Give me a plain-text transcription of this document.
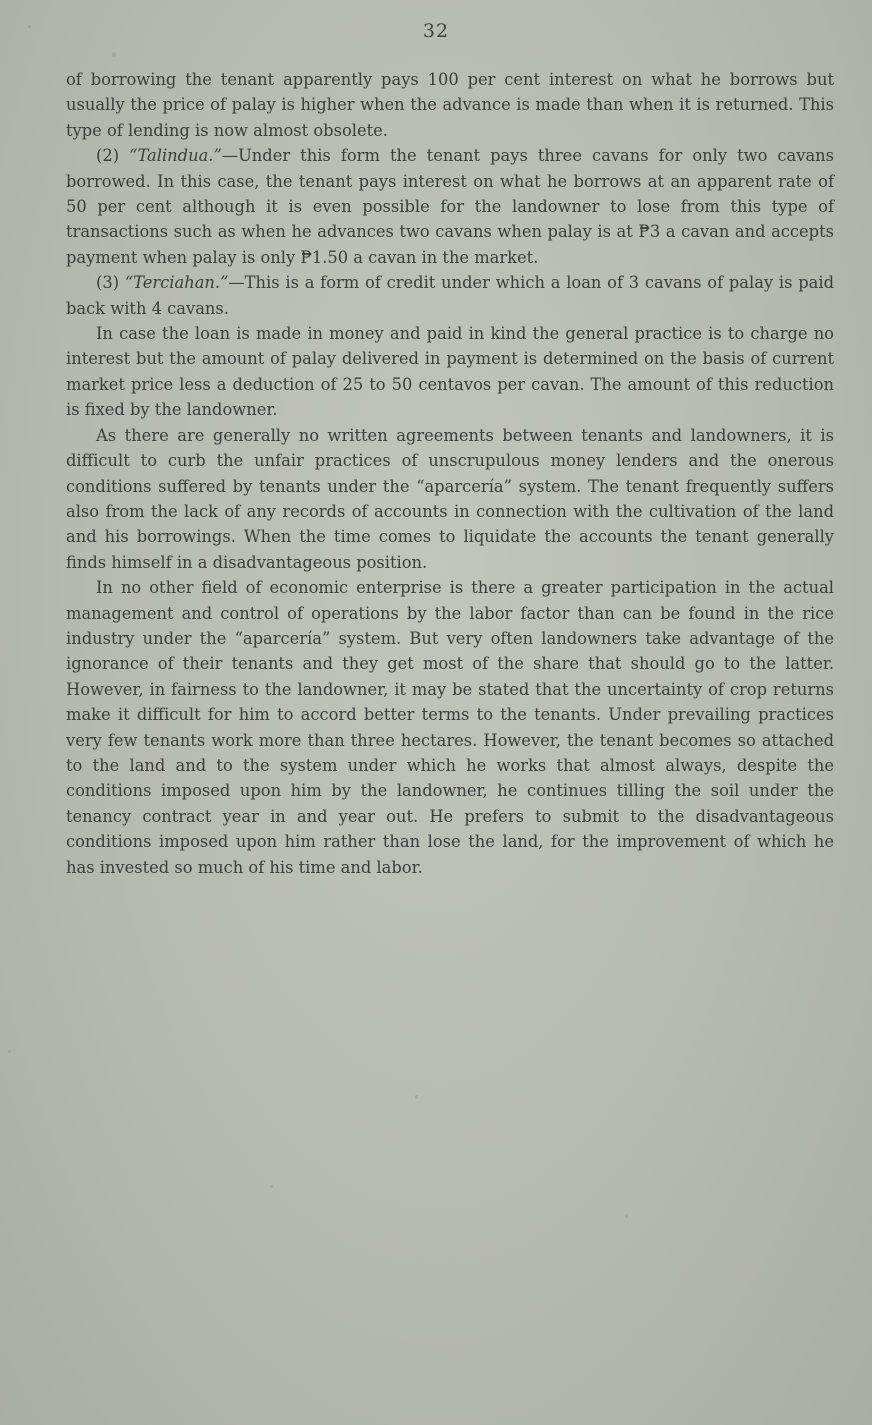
32

of borrowing the tenant apparently pays 100 per cent interest on what he borrows but usually the price of palay is higher when the advance is made than when it is returned. This type of lending is now almost obsolete.

(2) “Talindua.”—Under this form the tenant pays three cavans for only two cavans borrowed. In this case, the tenant pays interest on what he borrows at an apparent rate of 50 per cent although it is even possible for the landowner to lose from this type of transactions such as when he advances two cavans when palay is at ₱3 a cavan and accepts payment when palay is only ₱1.50 a cavan in the market.

(3) “Terciahan.”—This is a form of credit under which a loan of 3 cavans of palay is paid back with 4 cavans.

In case the loan is made in money and paid in kind the general practice is to charge no interest but the amount of palay delivered in payment is determined on the basis of current market price less a deduction of 25 to 50 centavos per cavan. The amount of this reduction is fixed by the landowner.

As there are generally no written agreements between tenants and landowners, it is difficult to curb the unfair practices of unscrupulous money lenders and the onerous conditions suffered by tenants under the “aparcería” system. The tenant frequently suffers also from the lack of any records of accounts in connection with the cultivation of the land and his borrowings. When the time comes to liquidate the accounts the tenant generally finds himself in a disadvantageous position.

In no other field of economic enterprise is there a greater participation in the actual management and control of operations by the labor factor than can be found in the rice industry under the “aparcería” system. But very often landowners take advantage of the ignorance of their tenants and they get most of the share that should go to the latter. However, in fairness to the landowner, it may be stated that the uncertainty of crop returns make it difficult for him to accord better terms to the tenants. Under prevailing practices very few tenants work more than three hectares. However, the tenant becomes so attached to the land and to the system under which he works that almost always, despite the conditions imposed upon him by the landowner, he continues tilling the soil under the tenancy contract year in and year out. He prefers to submit to the disadvantageous conditions imposed upon him rather than lose the land, for the improvement of which he has invested so much of his time and labor.
